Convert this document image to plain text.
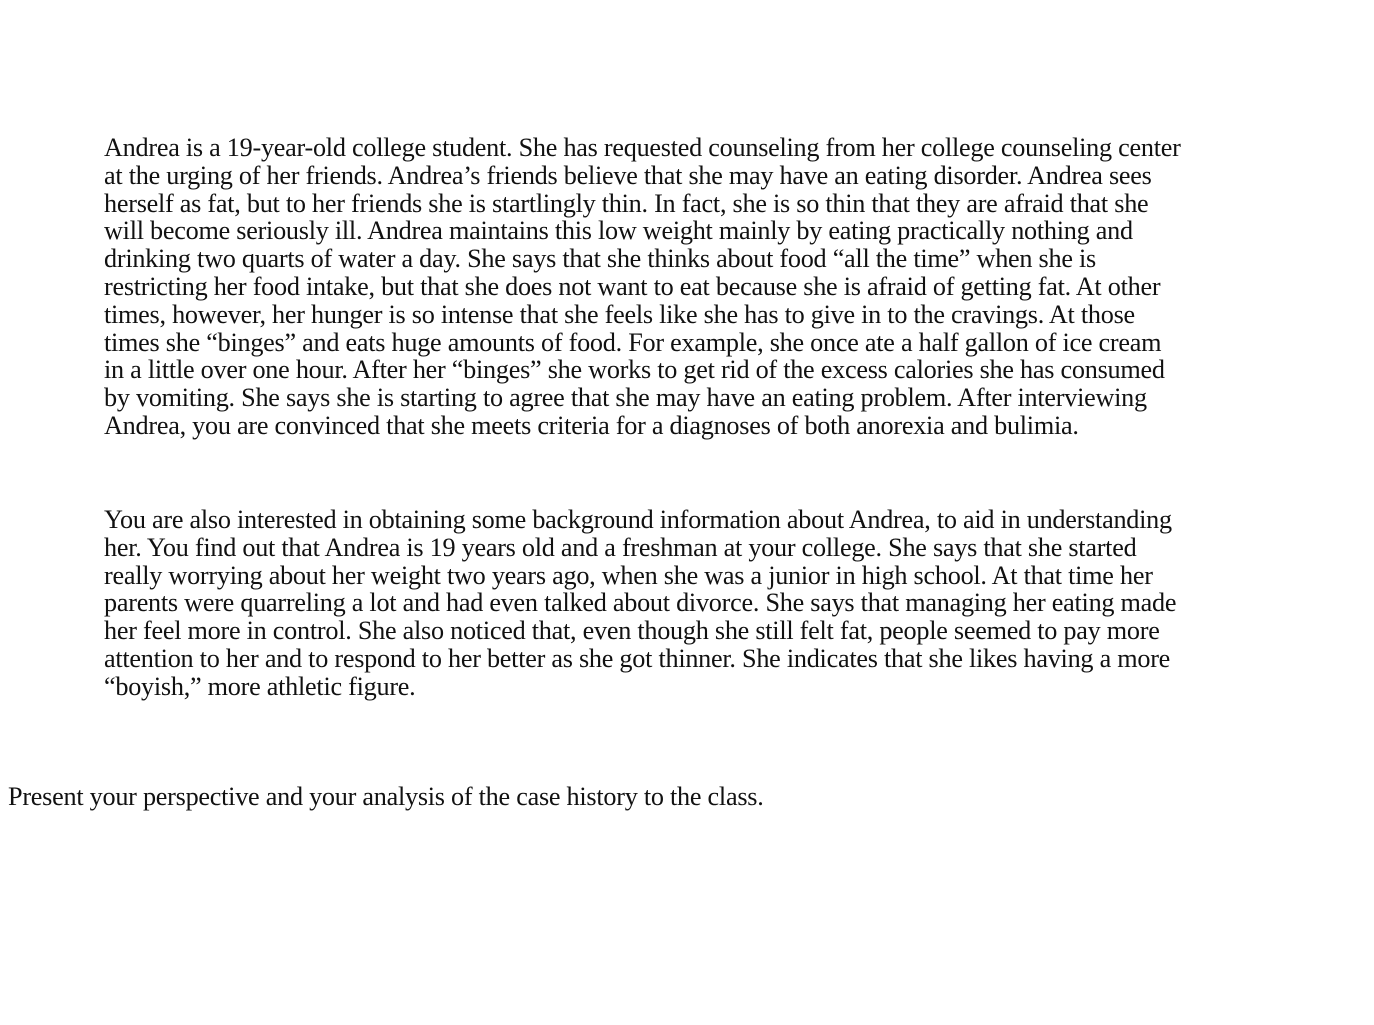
Andrea is a 19-year-old college student. She has requested counseling from her college counseling center
at the urging of her friends. Andrea’s friends believe that she may have an eating disorder. Andrea sees
herself as fat, but to her friends she is startlingly thin. In fact, she is so thin that they are afraid that she
will become seriously ill. Andrea maintains this low weight mainly by eating practically nothing and
drinking two quarts of water a day. She says that she thinks about food “all the time” when she is
restricting her food intake, but that she does not want to eat because she is afraid of getting fat. At other
times, however, her hunger is so intense that she feels like she has to give in to the cravings. At those
times she “binges” and eats huge amounts of food. For example, she once ate a half gallon of ice cream
in a little over one hour. After her “binges” she works to get rid of the excess calories she has consumed
by vomiting. She says she is starting to agree that she may have an eating problem. After interviewing
Andrea, you are convinced that she meets criteria for a diagnoses of both anorexia and bulimia.

You are also interested in obtaining some background information about Andrea, to aid in understanding
her. You find out that Andrea is 19 years old and a freshman at your college. She says that she started
really worrying about her weight two years ago, when she was a junior in high school. At that time her
parents were quarreling a lot and had even talked about divorce. She says that managing her eating made
her feel more in control. She also noticed that, even though she still felt fat, people seemed to pay more
attention to her and to respond to her better as she got thinner. She indicates that she likes having a more
“boyish,” more athletic figure.

Present your perspective and your analysis of the case history to the class.
